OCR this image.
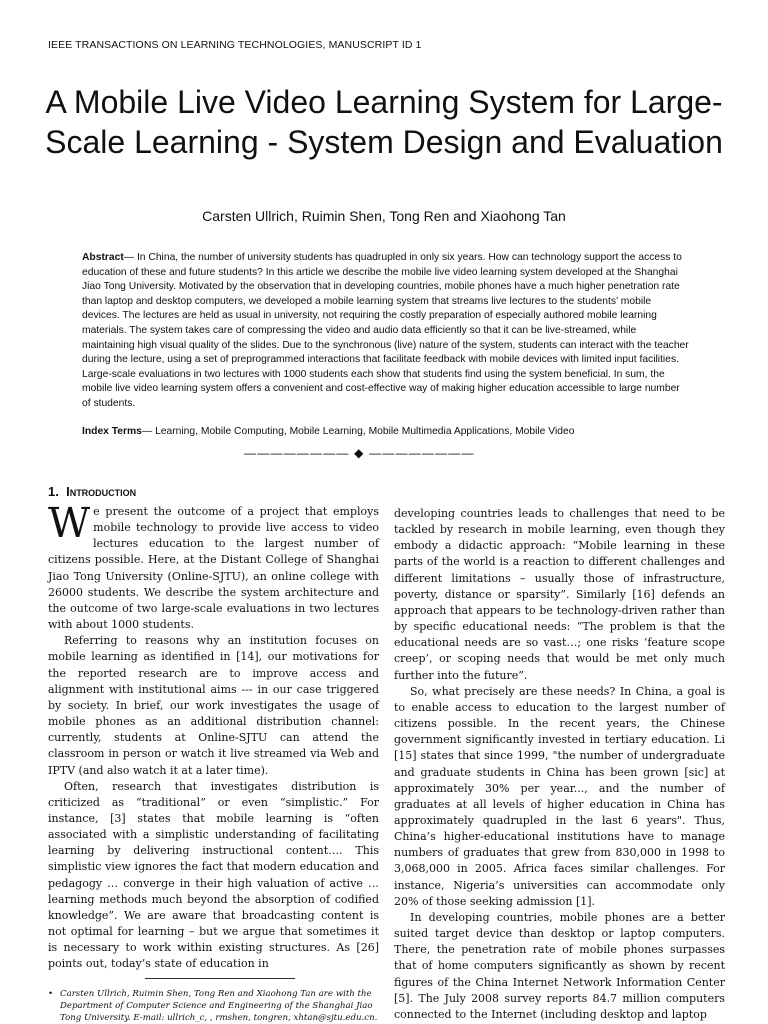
IEEE TRANSACTIONS ON LEARNING TECHNOLOGIES, MANUSCRIPT ID 1
A Mobile Live Video Learning System for Large-Scale Learning - System Design and Evaluation
Carsten Ullrich, Ruimin Shen, Tong Ren and Xiaohong Tan

Abstract— In China, the number of university students has quadrupled in only six years. How can technology support the access to education of these and future students? In this article we describe the mobile live video learning system developed at the Shanghai Jiao Tong University. Motivated by the observation that in developing countries, mobile phones have a much higher penetration rate than laptop and desktop computers, we developed a mobile learning system that streams live lectures to the students’ mobile devices. The lectures are held as usual in university, not requiring the costly preparation of especially authored mobile learning materials. The system takes care of compressing the video and audio data efficiently so that it can be live-streamed, while maintaining high visual quality of the slides. Due to the synchronous (live) nature of the system, students can interact with the teacher during the lecture, using a set of preprogrammed interactions that facilitate feedback with mobile devices with limited input facilities. Large-scale evaluations in two lectures with 1000 students each show that students find using the system beneficial. In sum, the mobile live video learning system offers a convenient and cost-effective way of making higher education accessible to large number of students.

Index Terms— Learning, Mobile Computing, Mobile Learning, Mobile Multimedia Applications, Mobile Video

———————— ◆ ————————
1. Introduction

We present the outcome of a project that employs mobile technology to provide live access to video lectures education to the largest number of citizens possible. Here, at the Distant College of Shanghai Jiao Tong University (Online-SJTU), an online college with 26000 students. We describe the system architecture and the outcome of two large-scale evaluations in two lectures with about 1000 students.

Referring to reasons why an institution focuses on mobile learning as identified in [14], our motivations for the reported research are to improve access and alignment with institutional aims --- in our case triggered by society. In brief, our work investigates the usage of mobile phones as an additional distribution channel: currently, students at Online-SJTU can attend the classroom in person or watch it live streamed via Web and IPTV (and also watch it at a later time).

Often, research that investigates distribution is criticized as “traditional” or even “simplistic.” For instance, [3] states that mobile learning is “often associated with a simplistic understanding of facilitating learning by delivering instructional content…. This simplistic view ignores the fact that modern education and pedagogy … converge in their high valuation of active … learning methods much beyond the absorption of codified knowledge”. We are aware that broadcasting content is not optimal for learning – but we argue that sometimes it is necessary to work within existing structures. As [26] points out, today’s state of education in

developing countries leads to challenges that need to be tackled by research in mobile learning, even though they embody a didactic approach: “Mobile learning in these parts of the world is a reaction to different challenges and different limitations – usually those of infrastructure, poverty, distance or sparsity”. Similarly [16] defends an approach that appears to be technology-driven rather than by specific educational needs: “The problem is that the educational needs are so vast…; one risks ‘feature scope creep’, or scoping needs that would be met only much further into the future”.

So, what precisely are these needs? In China, a goal is to enable access to education to the largest number of citizens possible. In the recent years, the Chinese government significantly invested in tertiary education. Li [15] states that since 1999, "the number of undergraduate and graduate students in China has been grown [sic] at approximately 30% per year..., and the number of graduates at all levels of higher education in China has approximately quadrupled in the last 6 years". Thus, China’s higher-educational institutions have to manage numbers of graduates that grew from 830,000 in 1998 to 3,068,000 in 2005. Africa faces similar challenges. For instance, Nigeria’s universities can accommodate only 20% of those seeking admission [1].

In developing countries, mobile phones are a better suited target device than desktop or laptop computers. There, the penetration rate of mobile phones surpasses that of home computers significantly as shown by recent figures of the China Internet Network Information Center [5]. The July 2008 survey reports 84.7 million computers connected to the Internet (including desktop and laptop

• Carsten Ullrich, Ruimin Shen, Tong Ren and Xiaohong Tan are with the Department of Computer Science and Engineering of the Shanghai Jiao Tong University. E-mail: ullrich_c, , rmshen, tongren, xhtan@sjtu.edu.cn.
